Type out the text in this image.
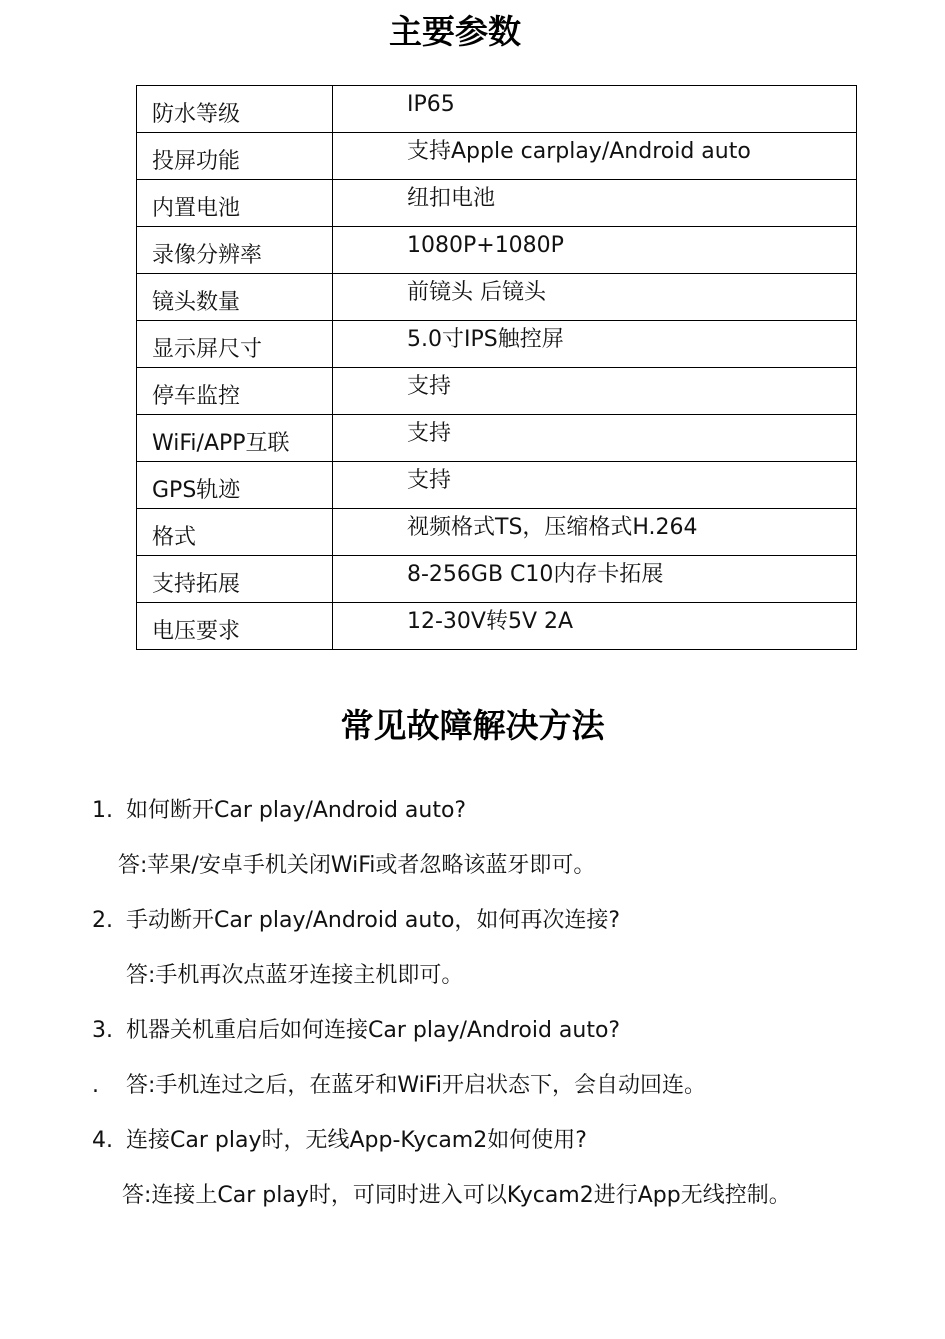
主要参数
防水等级	IP65
投屏功能	支持Apple carplay/Android auto
内置电池	纽扣电池
录像分辨率	1080P+1080P
镜头数量	前镜头 后镜头
显示屏尺寸	5.0寸IPS触控屏
停车监控	支持
WiFi/APP互联	支持
GPS轨迹	支持
格式	视频格式TS，压缩格式H.264
支持拓展	8-256GB C10内存卡拓展
电压要求	12-30V转5V 2A
常见故障解决方法
1. 如何断开Car play/Android auto?
答:苹果/安卓手机关闭WiFi或者忽略该蓝牙即可。
2. 手动断开Car play/Android auto，如何再次连接?
答:手机再次点蓝牙连接主机即可。
3. 机器关机重启后如何连接Car play/Android auto?
. 答:手机连过之后，在蓝牙和WiFi开启状态下，会自动回连。
4. 连接Car play时，无线App-Kycam2如何使用?
答:连接上Car play时，可同时进入可以Kycam2进行App无线控制。
